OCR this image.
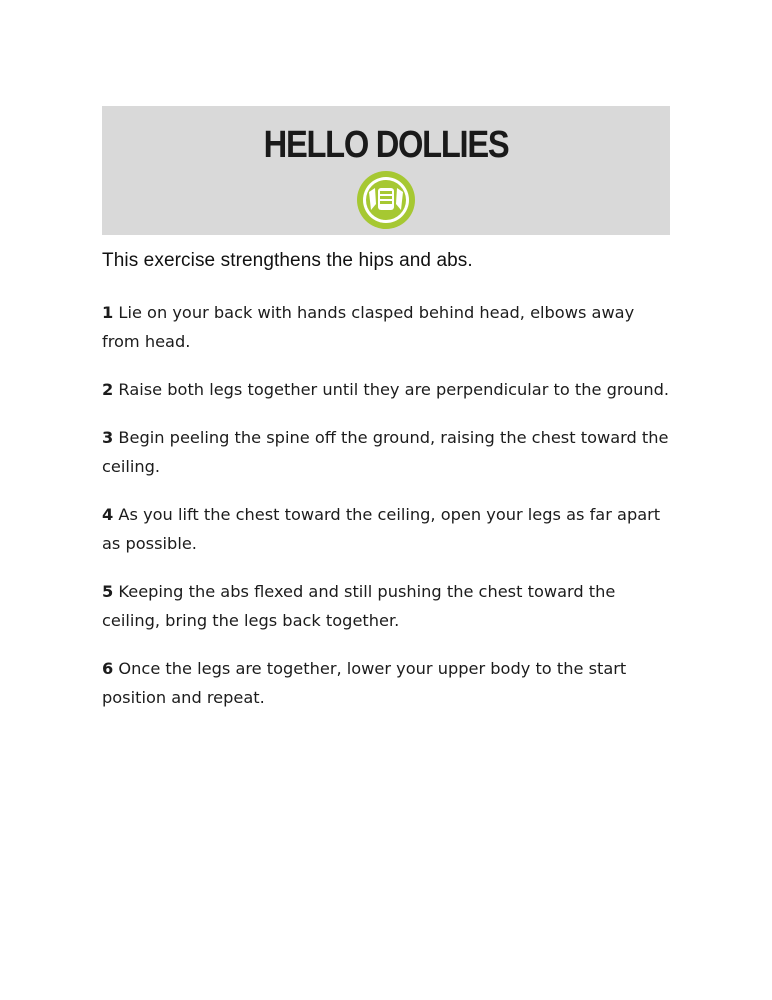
HELLO DOLLIES

This exercise strengthens the hips and abs.

1 Lie on your back with hands clasped behind head, elbows away from head.

2 Raise both legs together until they are perpendicular to the ground.

3 Begin peeling the spine off the ground, raising the chest toward the ceiling.

4 As you lift the chest toward the ceiling, open your legs as far apart as possible.

5 Keeping the abs flexed and still pushing the chest toward the ceiling, bring the legs back together.

6 Once the legs are together, lower your upper body to the start position and repeat.
